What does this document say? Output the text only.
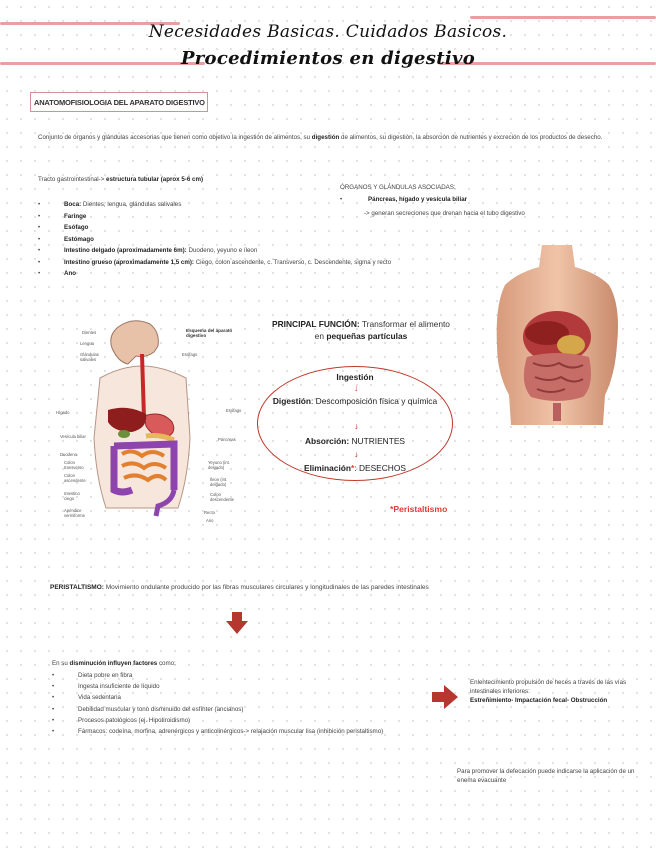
Necesidades Basicas. Cuidados Basicos.
Procedimientos en digestivo
ANATOMOFISIOLOGIA DEL APARATO DIGESTIVO
Conjunto de órganos y glándulas accesorias que tienen como objetivo la ingestión de alimentos, su digestión de alimentos, su digestión, la absorción de nutrientes y excreción de los productos de desecho.
Tracto gastrointestinal-> estructura tubular (aprox 5-6 cm)
• Boca: Dientes, lengua, glándulas salivales
• Faringe
• Esófago
• Estómago
• Intestino delgado (aproximadamente 6m): Duodeno, yeyuno e íleon
• Intestino grueso (aproximadamente 1,5 cm): Ciego, colon ascendente, c. Transverso, c. Descendente, sigma y recto
• Ano
ÓRGANOS Y GLÁNDULAS ASOCIADAS:
• Páncreas, hígado y vesícula biliar
-> generan secreciones que drenan hacia el tubo digestivo
Esquema del aparato digestivo
Dientes
Lengua
Glándulas salivales
Esófago
Hígado	Esófago
Vesícula biliar
Páncreas
Duodeno
Colon transverso
Yeyuno (int. delgado)
Colon ascendente	Íleon (int. delgado)
Colon descendente
Intestino ciego
Apéndice vermiforme
Recto
Ano
PRINCIPAL FUNCIÓN: Transformar el alimento en pequeñas partículas
Ingestión
↓
Digestión: Descomposición física y química
↓
Absorción: NUTRIENTES
↓
Eliminación*: DESECHOS
*Peristaltismo
PERISTALTISMO: Movimiento ondulante producido por las fibras musculares circulares y longitudinales de las paredes intestinales
En su disminución influyen factores como:
• Dieta pobre en fibra
• Ingesta insuficiente de líquido
• Vida sedentaria
• Debilidad muscular y tono disminuido del esfínter (ancianos)
• Procesos patológicos (ej. Hipotiroidismo)
• Fármacos: codeína, morfina, adrenérgicos y anticolinérgicos-> relajación muscular lisa (inhibición peristaltismo)
Enlentecimiento propulsión de heces a través de las vías intestinales inferiores:
Estreñimiento- Impactación fecal- Obstrucción
Para promover la defecación puede indicarse la aplicación de un enema evacuante
